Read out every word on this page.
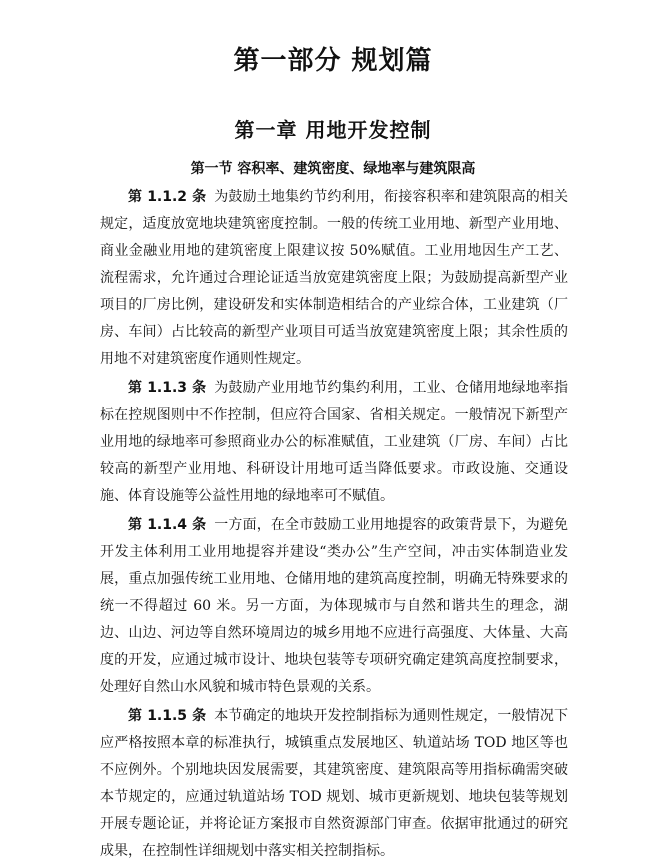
第一部分 规划篇
第一章 用地开发控制
第一节 容积率、建筑密度、绿地率与建筑限高

第 1.1.2 条 为鼓励土地集约节约利用，衔接容积率和建筑限高的相关规定，适度放宽地块建筑密度控制。一般的传统工业用地、新型产业用地、商业金融业用地的建筑密度上限建议按 50%赋值。工业用地因生产工艺、流程需求，允许通过合理论证适当放宽建筑密度上限；为鼓励提高新型产业项目的厂房比例，建设研发和实体制造相结合的产业综合体，工业建筑（厂房、车间）占比较高的新型产业项目可适当放宽建筑密度上限；其余性质的用地不对建筑密度作通则性规定。

第 1.1.3 条 为鼓励产业用地节约集约利用，工业、仓储用地绿地率指标在控规图则中不作控制，但应符合国家、省相关规定。一般情况下新型产业用地的绿地率可参照商业办公的标准赋值，工业建筑（厂房、车间）占比较高的新型产业用地、科研设计用地可适当降低要求。市政设施、交通设施、体育设施等公益性用地的绿地率可不赋值。

第 1.1.4 条 一方面，在全市鼓励工业用地提容的政策背景下，为避免开发主体利用工业用地提容并建设“类办公”生产空间，冲击实体制造业发展，重点加强传统工业用地、仓储用地的建筑高度控制，明确无特殊要求的统一不得超过 60 米。另一方面，为体现城市与自然和谐共生的理念，湖边、山边、河边等自然环境周边的城乡用地不应进行高强度、大体量、大高度的开发，应通过城市设计、地块包装等专项研究确定建筑高度控制要求，处理好自然山水风貌和城市特色景观的关系。

第 1.1.5 条 本节确定的地块开发控制指标为通则性规定，一般情况下应严格按照本章的标准执行，城镇重点发展地区、轨道站场 TOD 地区等也不应例外。个别地块因发展需要，其建筑密度、建筑限高等用指标确需突破本节规定的，应通过轨道站场 TOD 规划、城市更新规划、地块包装等规划开展专题论证，并将论证方案报市自然资源部门审查。依据审批通过的研究成果，在控制性详细规划中落实相关控制指标。
